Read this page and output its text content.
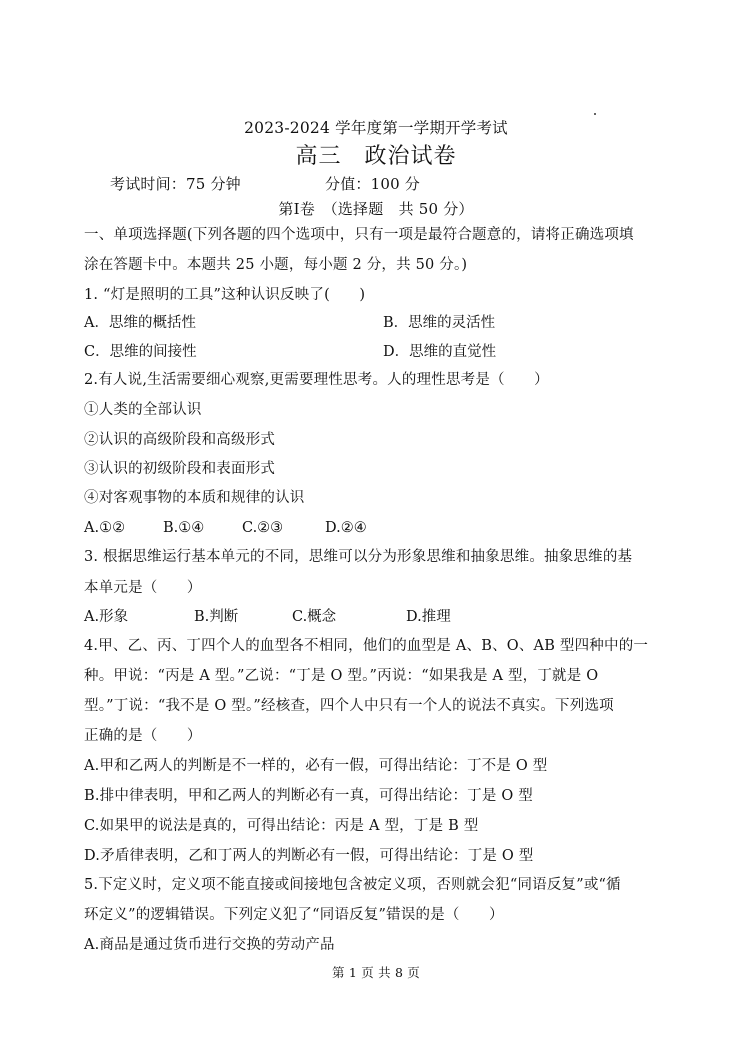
2023-2024 学年度第一学期开学考试
高三　政治试卷
考试时间：75 分钟	分值：100 分
第Ⅰ卷　（选择题　共 50 分）
一、单项选择题(下列各题的四个选项中，只有一项是最符合题意的，请将正确选项填
涂在答题卡中。本题共 25 小题，每小题 2 分，共 50 分。)
1. “灯是照明的工具”这种认识反映了(　　)
A．思维的概括性	B．思维的灵活性
C．思维的间接性	D．思维的直觉性
2.有人说,生活需要细心观察,更需要理性思考。人的理性思考是（　　）
①人类的全部认识
②认识的高级阶段和高级形式
③认识的初级阶段和表面形式
④对客观事物的本质和规律的认识
A.①②	B.①④	C.②③	D.②④
3. 根据思维运行基本单元的不同，思维可以分为形象思维和抽象思维。抽象思维的基
本单元是（　　）
A.形象	B.判断	C.概念	D.推理
4.甲、乙、丙、丁四个人的血型各不相同，他们的血型是 A、B、O、AB 型四种中的一
种。甲说：“丙是 A 型。”乙说：“丁是 O 型。”丙说：“如果我是 A 型，丁就是 O
型。”丁说：“我不是 O 型。”经核查，四个人中只有一个人的说法不真实。下列选项
正确的是（　　）
A.甲和乙两人的判断是不一样的，必有一假，可得出结论：丁不是 O 型
B.排中律表明，甲和乙两人的判断必有一真，可得出结论：丁是 O 型
C.如果甲的说法是真的，可得出结论：丙是 A 型，丁是 B 型
D.矛盾律表明，乙和丁两人的判断必有一假，可得出结论：丁是 O 型
5.下定义时，定义项不能直接或间接地包含被定义项，否则就会犯“同语反复”或“循
环定义”的逻辑错误。下列定义犯了“同语反复”错误的是（　　）
A.商品是通过货币进行交换的劳动产品
第 1 页 共 8 页
